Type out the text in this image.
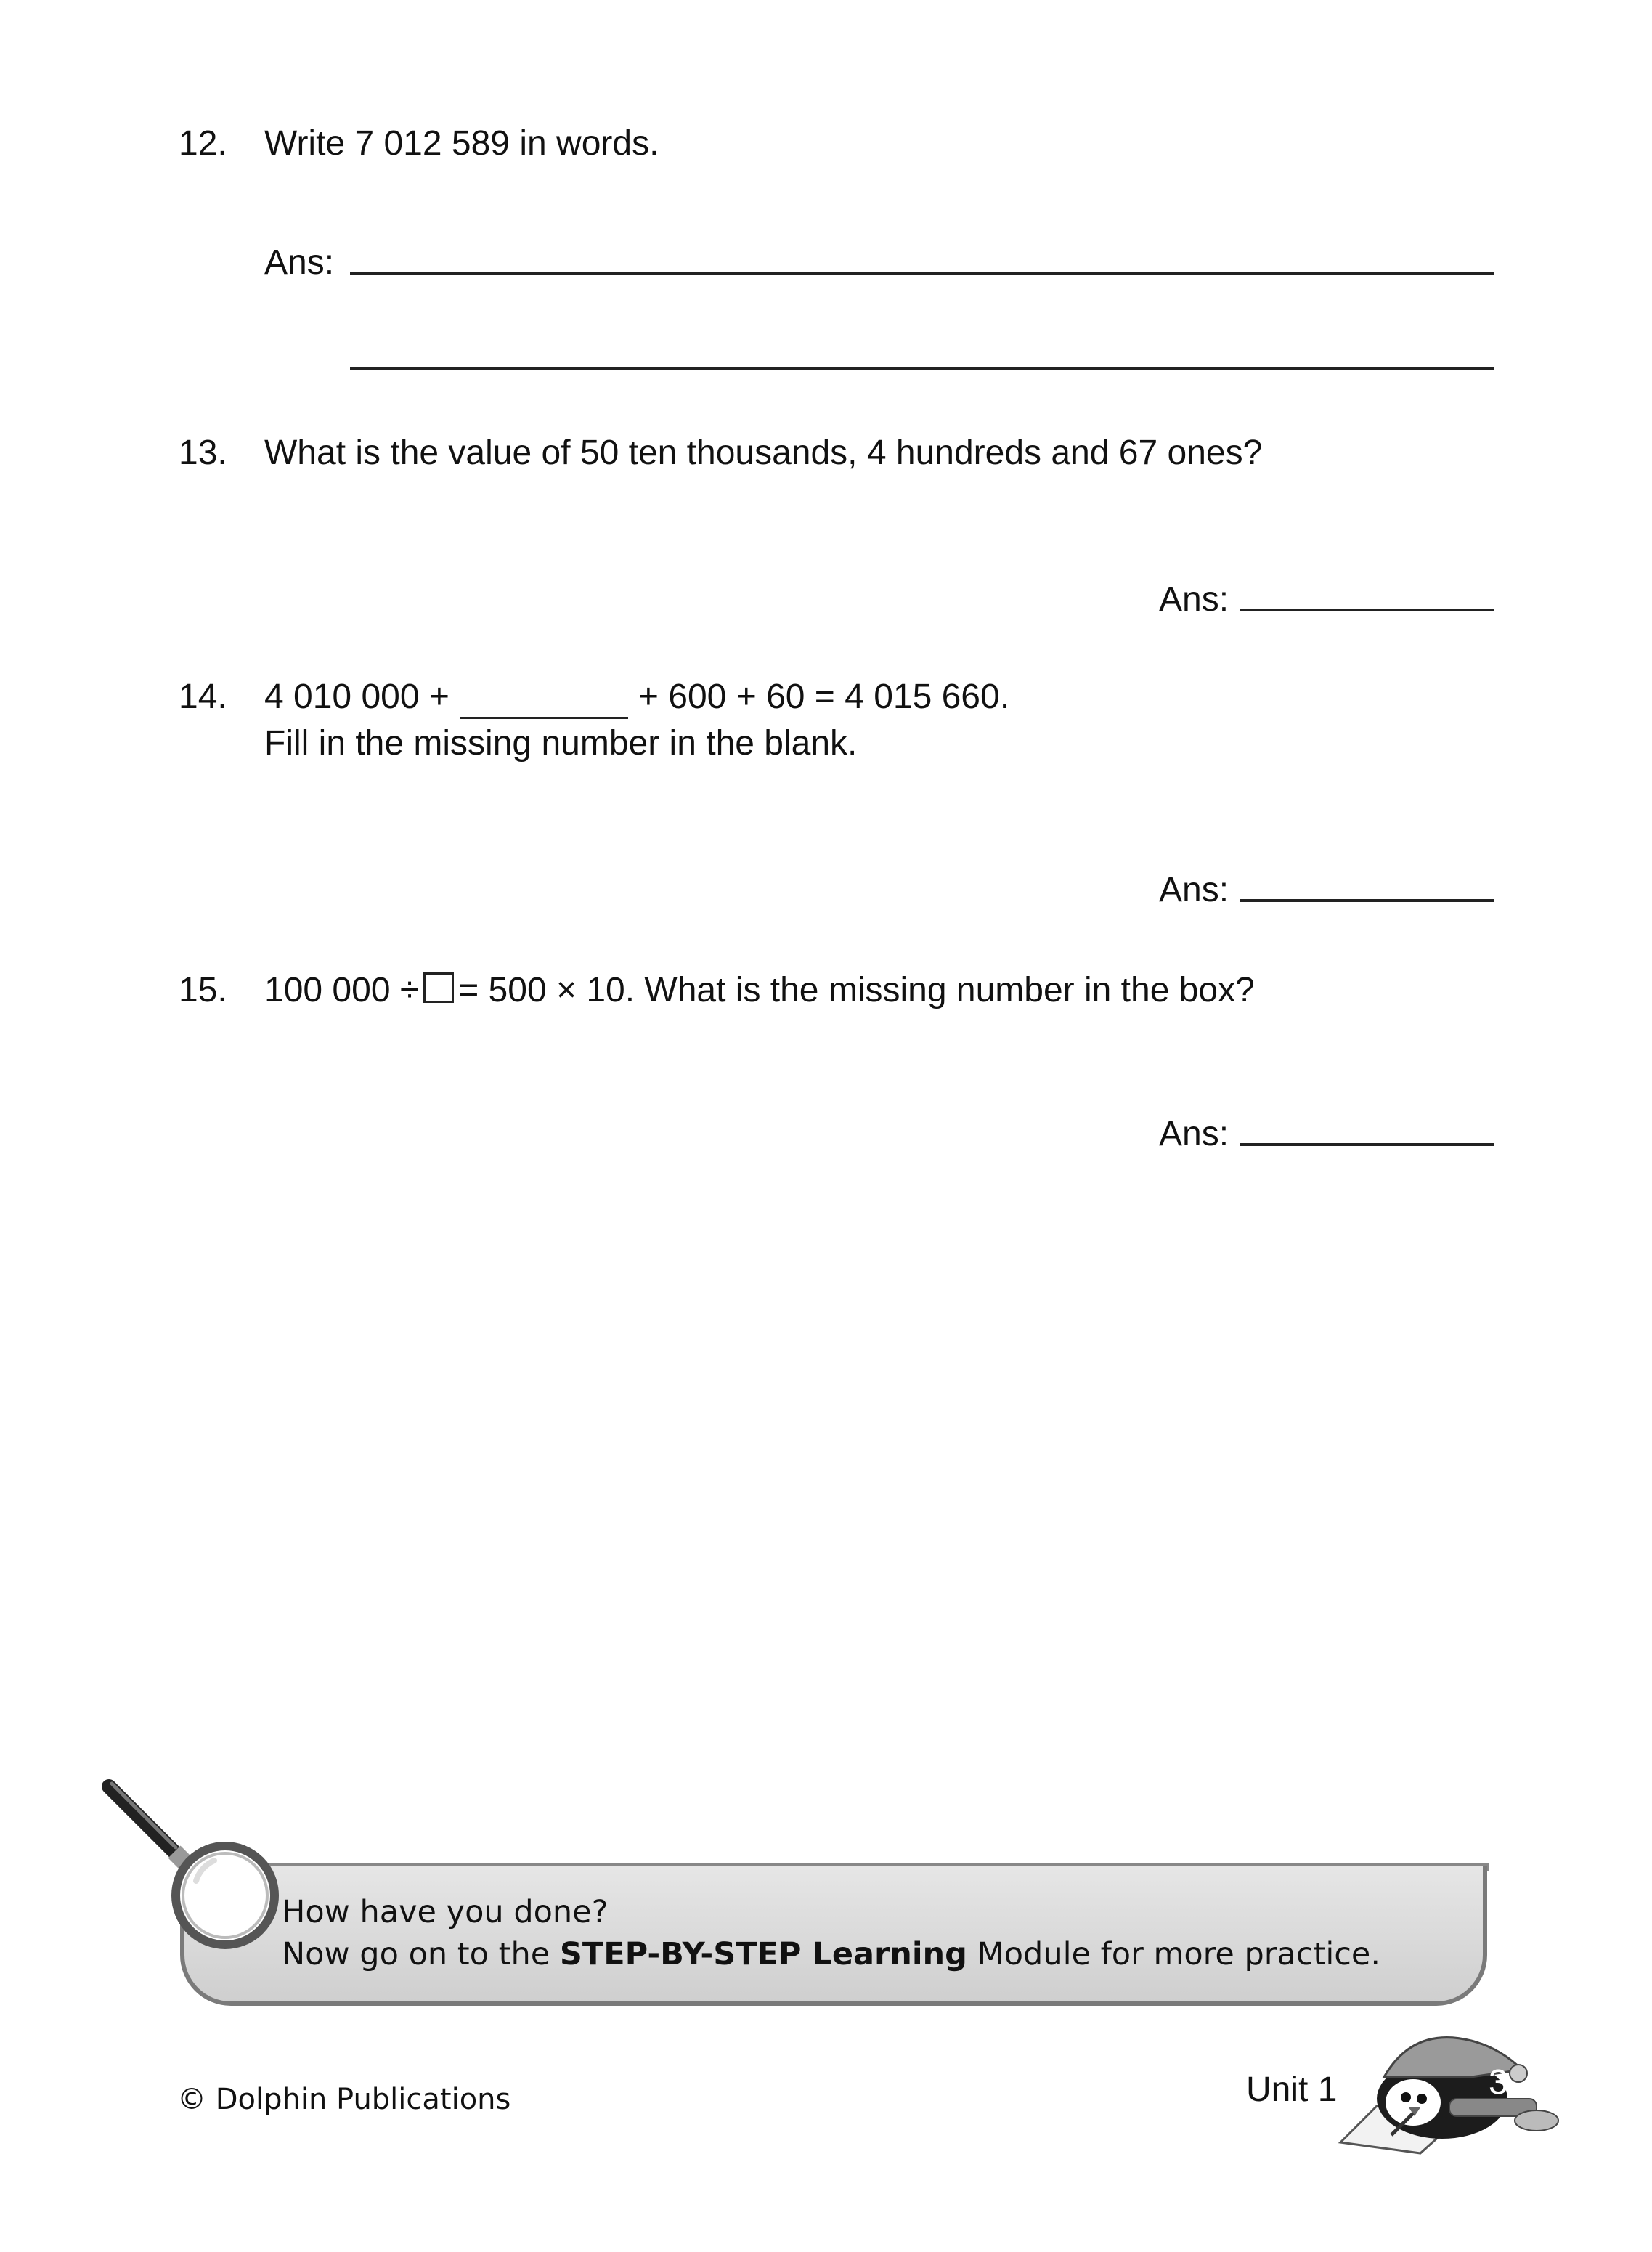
12. Write 7 012 589 in words.
Ans:
13. What is the value of 50 ten thousands, 4 hundreds and 67 ones?
Ans:
14. 4 010 000 +	+ 600 + 60 = 4 015 660.
Fill in the missing number in the blank.
Ans:
15. 100 000 ÷ = 500 × 10. What is the missing number in the box?
Ans:
How have you done?
Now go on to the STEP-BY-STEP Learning Module for more practice.
© Dolphin Publications	Unit 1	3
